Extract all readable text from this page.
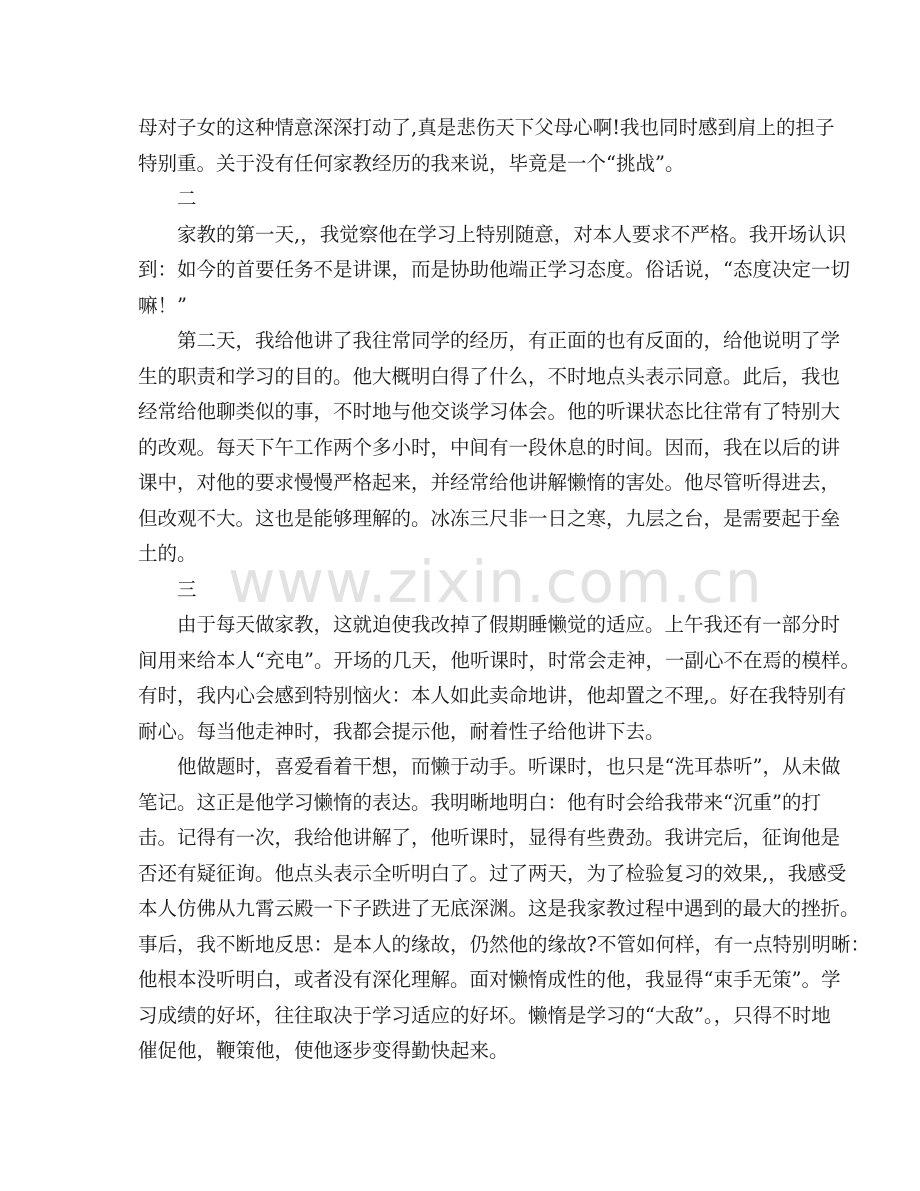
母对子女的这种情意深深打动了,真是悲伤天下父母心啊!我也同时感到肩上的担子
特别重。关于没有任何家教经历的我来说，毕竟是一个“挑战”。
二
家教的第一天,，我觉察他在学习上特别随意，对本人要求不严格。我开场认识
到：如今的首要任务不是讲课，而是协助他端正学习态度。俗话说，“态度决定一切
嘛！”
第二天，我给他讲了我往常同学的经历，有正面的也有反面的，给他说明了学
生的职责和学习的目的。他大概明白得了什么，不时地点头表示同意。此后，我也
经常给他聊类似的事，不时地与他交谈学习体会。他的听课状态比往常有了特别大
的改观。每天下午工作两个多小时，中间有一段休息的时间。因而，我在以后的讲
课中，对他的要求慢慢严格起来，并经常给他讲解懒惰的害处。他尽管听得进去，
但改观不大。这也是能够理解的。冰冻三尺非一日之寒，九层之台，是需要起于垒
土的。
三
由于每天做家教，这就迫使我改掉了假期睡懒觉的适应。上午我还有一部分时
间用来给本人“充电”。开场的几天，他听课时，时常会走神，一副心不在焉的模样。
有时，我内心会感到特别恼火：本人如此卖命地讲，他却置之不理,。好在我特别有
耐心。每当他走神时，我都会提示他，耐着性子给他讲下去。
他做题时，喜爱看着干想，而懒于动手。听课时，也只是“洗耳恭听”，从未做
笔记。这正是他学习懒惰的表达。我明晰地明白：他有时会给我带来“沉重”的打
击。记得有一次，我给他讲解了，他听课时，显得有些费劲。我讲完后，征询他是
否还有疑征询。他点头表示全听明白了。过了两天，为了检验复习的效果,，我感受
本人仿佛从九霄云殿一下子跌进了无底深渊。这是我家教过程中遇到的最大的挫折。
事后，我不断地反思：是本人的缘故，仍然他的缘故?不管如何样，有一点特别明晰：
他根本没听明白，或者没有深化理解。面对懒惰成性的他，我显得“束手无策”。学
习成绩的好坏，往往取决于学习适应的好坏。懒惰是学习的“大敌”。，只得不时地
催促他，鞭策他，使他逐步变得勤快起来。
www.zixin.com.cn
